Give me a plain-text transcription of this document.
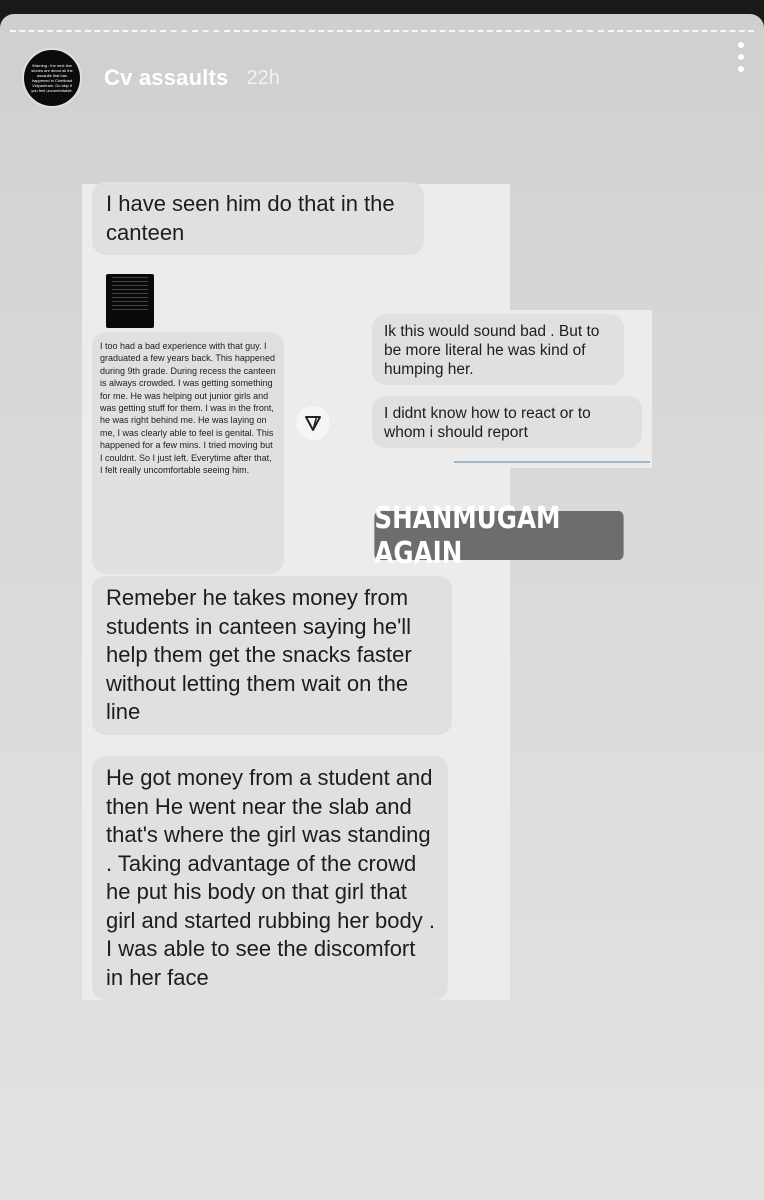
Warning : the next few stories are about all the assaults that has happened in Chettinad Vidyashram. Do skip if you feel uncomfortable.
Cv assaults 22h
I have seen him do that in the canteen
I too had a bad experience with that guy. I graduated a few years back. This happened during 9th grade. During recess the canteen is always crowded. I was getting something for me. He was helping out junior girls and was getting stuff for them. I was in the front, he was right behind me. He was laying on me, I was clearly able to feel is genital. This happened for a few mins. I tried moving but I couldnt. So I just left. Everytime after that, I felt really uncomfortable seeing him.
Ik this would sound bad . But to be more literal he was kind of humping her.
I didnt know how to react or to whom i should report
SHANMUGAM AGAIN
Remeber he takes money from students in canteen saying he'll help them get the snacks faster without letting them wait on the line
He got money from a student and then He went near the slab and that's where the girl was standing . Taking advantage of the crowd he put his body on that girl that girl and started rubbing her body . I was able to see the discomfort in her face
